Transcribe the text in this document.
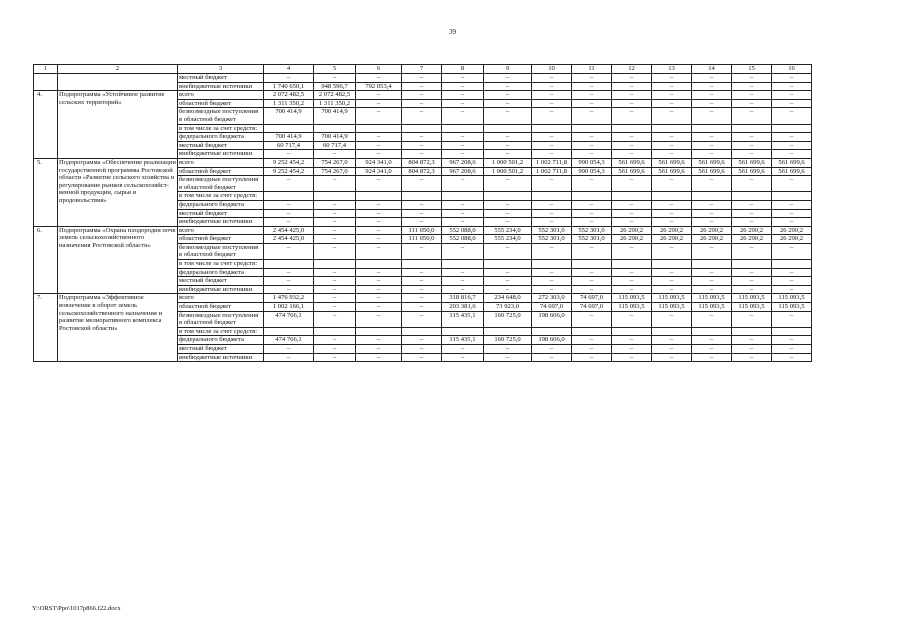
39
1	2	3	4	5	6	7	8	9	10	11	12	13	14	15	16
		местный бюджет	–	–	–	–	–	–	–	–	–	–	–	–	–
		внебюджетные источники	1 740 650,1	948 596,7	792 053,4	–	–	–	–	–	–	–	–	–	–
4.	Подпрограмма «Устойчивое развитие сельских территорий»	всего	2 072 482,5	2 072 482,5	–	–	–	–	–	–	–	–	–	–	–
		областной бюджет	1 311 350,2	1 311 350,2	–	–	–	–	–	–	–	–	–	–	–
		безвозмездные поступления в областной бюджет	700 414,9	700 414,9	–	–	–	–	–	–	–	–	–	–	–
		в том числе за счет средств:													
		федерального бюджета	700 414,9	700 414,9	–	–	–	–	–	–	–	–	–	–	–
		местный бюджет	60 717,4	60 717,4	–	–	–	–	–	–	–	–	–	–	–
		внебюджетные источники	–	–	–	–	–	–	–	–	–	–	–	–	–
5.	Подпрограмма «Обеспечение реализации государственной программы Ростовской области «Развитие сельского хозяйства и регулирование рынков сельскохозяйст-венной продукции, сырья и продовольствия»	всего	9 252 454,2	754 267,0	924 341,0	804 872,3	967 208,6	1 000 501,2	1 002 711,8	990 054,3	561 699,6	561 699,6	561 699,6	561 699,6	561 699,6
		областной бюджет	9 252 454,2	754 267,0	924 341,0	804 872,3	967 208,6	1 000 501,2	1 002 711,8	990 054,3	561 699,6	561 699,6	561 699,6	561 699,6	561 699,6
		безвозмездные поступления в областной бюджет	–	–	–	–	–	–	–	–	–	–	–	–	–
		в том числе за счет средств:													
		федерального бюджета	–	–	–	–	–	–	–	–	–	–	–	–	–
		местный бюджет	–	–	–	–	–	–	–	–	–	–	–	–	–
		внебюджетные источники	–	–	–	–	–	–	–	–	–	–	–	–	–
6.	Подпрограмма «Охрана плодородия почв земель сельскохозяйственного назначения Ростовской области»	всего	2 454 425,0	–	–	111 050,0	552 088,0	555 234,0	552 301,0	552 301,0	26 290,2	26 290,2	26 290,2	26 290,2	26 290,2
		областной бюджет	2 454 425,0	–	–	111 050,0	552 088,0	555 234,0	552 301,0	552 301,0	26 290,2	26 290,2	26 290,2	26 290,2	26 290,2
		безвозмездные поступления в областной бюджет	–	–	–	–	–	–	–	–	–	–	–	–	–
		в том числе за счет средств:													
		федерального бюджета	–	–	–	–	–	–	–	–	–	–	–	–	–
		местный бюджет	–	–	–	–	–	–	–	–	–	–	–	–	–
		внебюджетные источники	–	–	–	–	–	–	–	–	–	–	–	–	–
7.	Подпрограмма «Эффективное вовлечение в оборот земель сельскохозяйственного назначения и развитие мелиоративного комплекса Ростовской области»	всего	1 476 932,2	–	–	–	318 816,7	234 648,0	272 303,0	74 697,0	115 093,5	115 093,5	115 093,5	115 093,5	115 093,5
		областной бюджет	1 002 166,1	–	–	–	203 381,6	73 923,0	74 697,0	74 697,0	115 093,5	115 093,5	115 093,5	115 093,5	115 093,5
		безвозмездные поступления в областной бюджет	474 766,1	–	–	–	115 435,1	160 725,0	198 606,0	–	–	–	–	–	–
		в том числе за счет средств:													
		федерального бюджета	474 766,1	–	–	–	115 435,1	160 725,0	198 606,0	–	–	–	–	–	–
		местный бюджет	–	–	–	–	–	–	–	–	–	–	–	–	–
		внебюджетные источники	–	–	–	–	–	–	–	–	–	–	–	–	–
Y:\ORST\Ppo\1017p866.f22.docx
